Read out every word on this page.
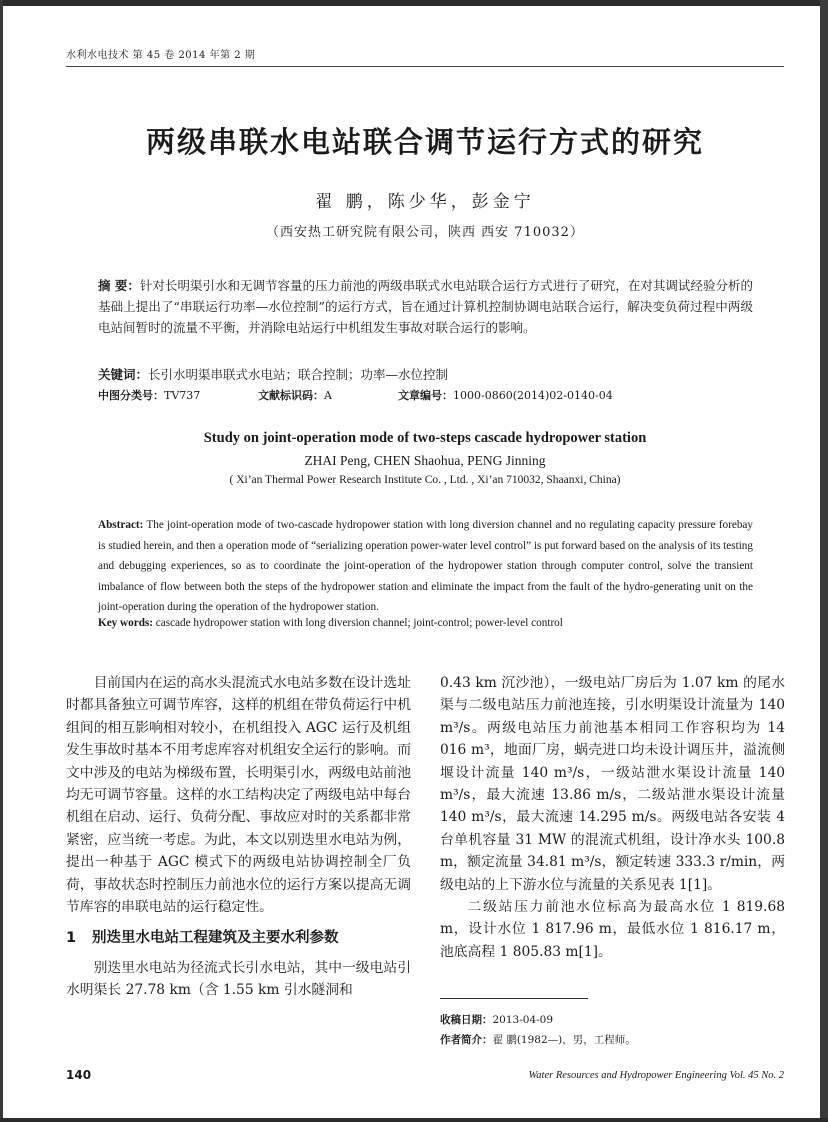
水利水电技术 第 45 卷 2014 年第 2 期
两级串联水电站联合调节运行方式的研究
翟 鹏，陈少华，彭金宁
（西安热工研究院有限公司，陕西 西安 710032）
摘 要：针对长明渠引水和无调节容量的压力前池的两级串联式水电站联合运行方式进行了研究，在对其调试经验分析的基础上提出了“串联运行功率—水位控制”的运行方式，旨在通过计算机控制协调电站联合运行，解决变负荷过程中两级电站间暂时的流量不平衡，并消除电站运行中机组发生事故对联合运行的影响。
关键词：长引水明渠串联式水电站；联合控制；功率—水位控制
中图分类号：TV737	文献标识码：A	文章编号：1000-0860(2014)02-0140-04
Study on joint-operation mode of two-steps cascade hydropower station
ZHAI Peng, CHEN Shaohua, PENG Jinning
( Xi’an Thermal Power Research Institute Co. , Ltd. , Xi’an 710032, Shaanxi, China)
Abstract: The joint-operation mode of two-cascade hydropower station with long diversion channel and no regulating capacity pressure forebay is studied herein, and then a operation mode of “serializing operation power-water level control” is put forward based on the analysis of its testing and debugging experiences, so as to coordinate the joint-operation of the hydropower station through computer control, solve the transient imbalance of flow between both the steps of the hydropower station and eliminate the impact from the fault of the hydro-generating unit on the joint-operation during the operation of the hydropower station.
Key words: cascade hydropower station with long diversion channel; joint-control; power-level control

目前国内在运的高水头混流式水电站多数在设计选址时都具备独立可调节库容，这样的机组在带负荷运行中机组间的相互影响相对较小，在机组投入 AGC 运行及机组发生事故时基本不用考虑库容对机组安全运行的影响。而文中涉及的电站为梯级布置，长明渠引水，两级电站前池均无可调节容量。这样的水工结构决定了两级电站中每台机组在启动、运行、负荷分配、事故应对时的关系都非常紧密，应当统一考虑。为此，本文以别迭里水电站为例，提出一种基于 AGC 模式下的两级电站协调控制全厂负荷，事故状态时控制压力前池水位的运行方案以提高无调节库容的串联电站的运行稳定性。

1 别迭里水电站工程建筑及主要水利参数

别迭里水电站为径流式长引水电站，其中一级电站引水明渠长 27.78 km（含 1.55 km 引水隧洞和

0.43 km 沉沙池），一级电站厂房后为 1.07 km 的尾水渠与二级电站压力前池连接，引水明渠设计流量为 140 m³/s。两级电站压力前池基本相同工作容积均为 14 016 m³，地面厂房，蜗壳进口均未设计调压井，溢流侧堰设计流量 140 m³/s，一级站泄水渠设计流量 140 m³/s，最大流速 13.86 m/s，二级站泄水渠设计流量 140 m³/s，最大流速 14.295 m/s。两级电站各安装 4 台单机容量 31 MW 的混流式机组，设计净水头 100.8 m，额定流量 34.81 m³/s，额定转速 333.3 r/min，两级电站的上下游水位与流量的关系见表 1[1]。

二级站压力前池水位标高为最高水位 1 819.68 m，设计水位 1 817.96 m，最低水位 1 816.17 m，池底高程 1 805.83 m[1]。

收稿日期：2013-04-09
作者简介：翟 鹏(1982—)，男，工程师。
140	Water Resources and Hydropower Engineering Vol. 45 No. 2
